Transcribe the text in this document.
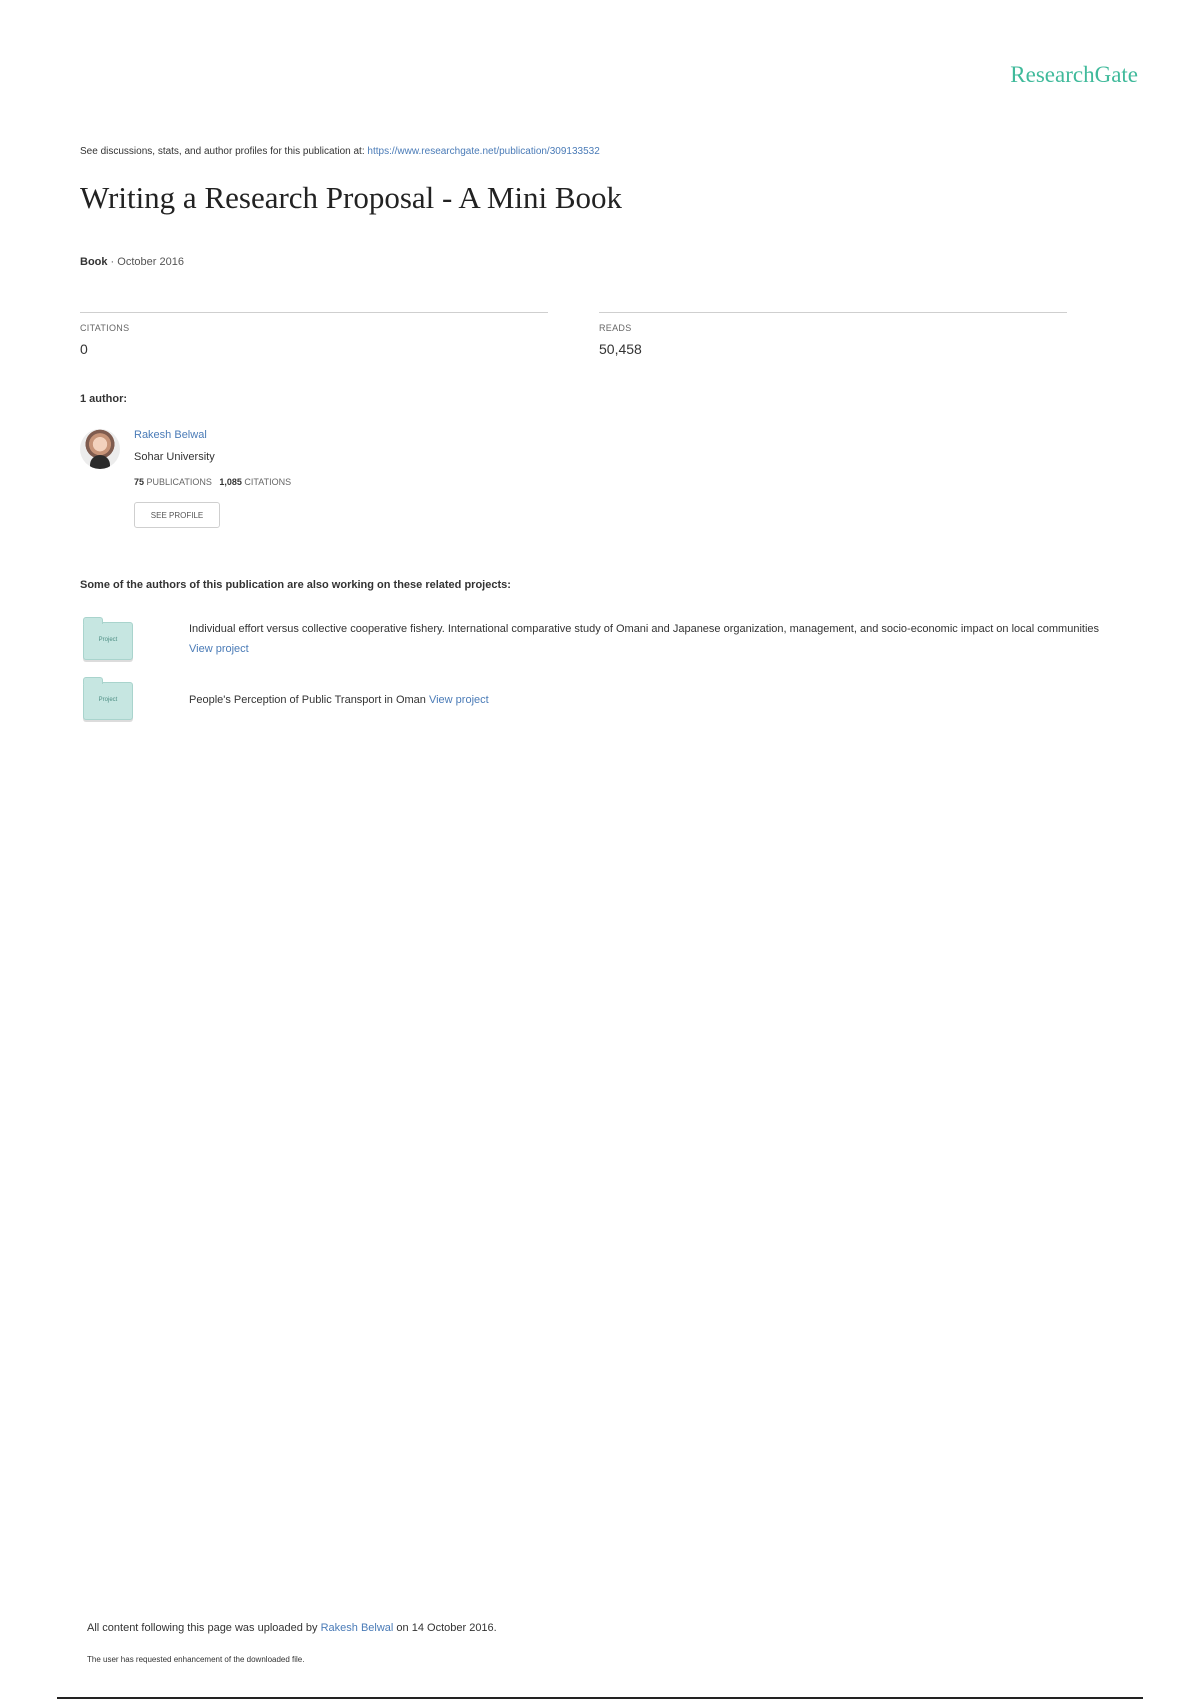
ResearchGate
See discussions, stats, and author profiles for this publication at: https://www.researchgate.net/publication/309133532
Writing a Research Proposal - A Mini Book
Book · October 2016
CITATIONS
0
READS
50,458
1 author:
Rakesh Belwal
Sohar University
75 PUBLICATIONS 1,085 CITATIONS
SEE PROFILE
Some of the authors of this publication are also working on these related projects:
Project
Individual effort versus collective cooperative fishery. International comparative study of Omani and Japanese organization, management, and socio-economic impact on local communities View project
Project	People's Perception of Public Transport in Oman View project
All content following this page was uploaded by Rakesh Belwal on 14 October 2016.
The user has requested enhancement of the downloaded file.
